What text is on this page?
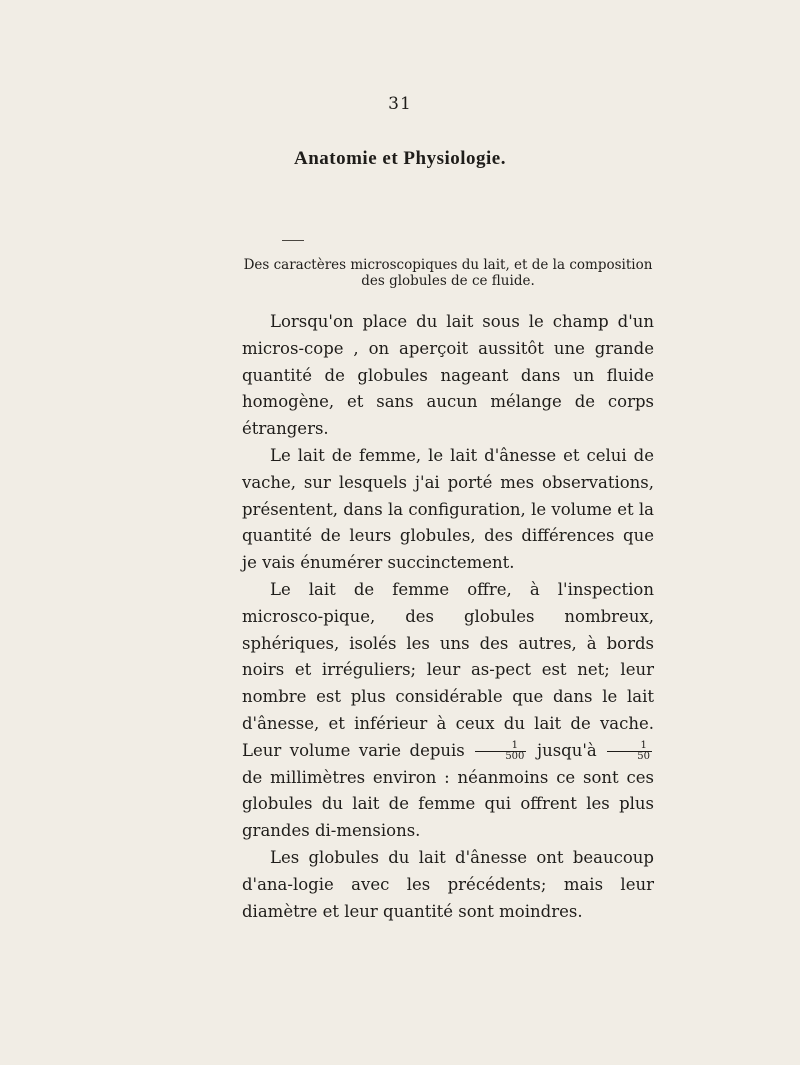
31
Anatomie et Physiologie.
Des caractères microscopiques du lait, et de la composition des globules de ce fluide.

Lorsqu'on place du lait sous le champ d'un micros-cope , on aperçoit aussitôt une grande quantité de globules nageant dans un fluide homogène, et sans aucun mélange de corps étrangers.

Le lait de femme, le lait d'ânesse et celui de vache, sur lesquels j'ai porté mes observations, présentent, dans la configuration, le volume et la quantité de leurs globules, des différences que je vais énumérer succinctement.

Le lait de femme offre, à l'inspection microsco-pique, des globules nombreux, sphériques, isolés les uns des autres, à bords noirs et irréguliers; leur as-pect est net; leur nombre est plus considérable que dans le lait d'ânesse, et inférieur à ceux du lait de vache. Leur volume varie depuis $\frac{1}{500}$ jusqu'à $\frac{1}{50}$
de millimètres environ : néanmoins ce sont ces globules du lait de femme qui offrent les plus grandes di-mensions.

Les globules du lait d'ânesse ont beaucoup d'ana-logie avec les précédents; mais leur diamètre et leur quantité sont moindres.
